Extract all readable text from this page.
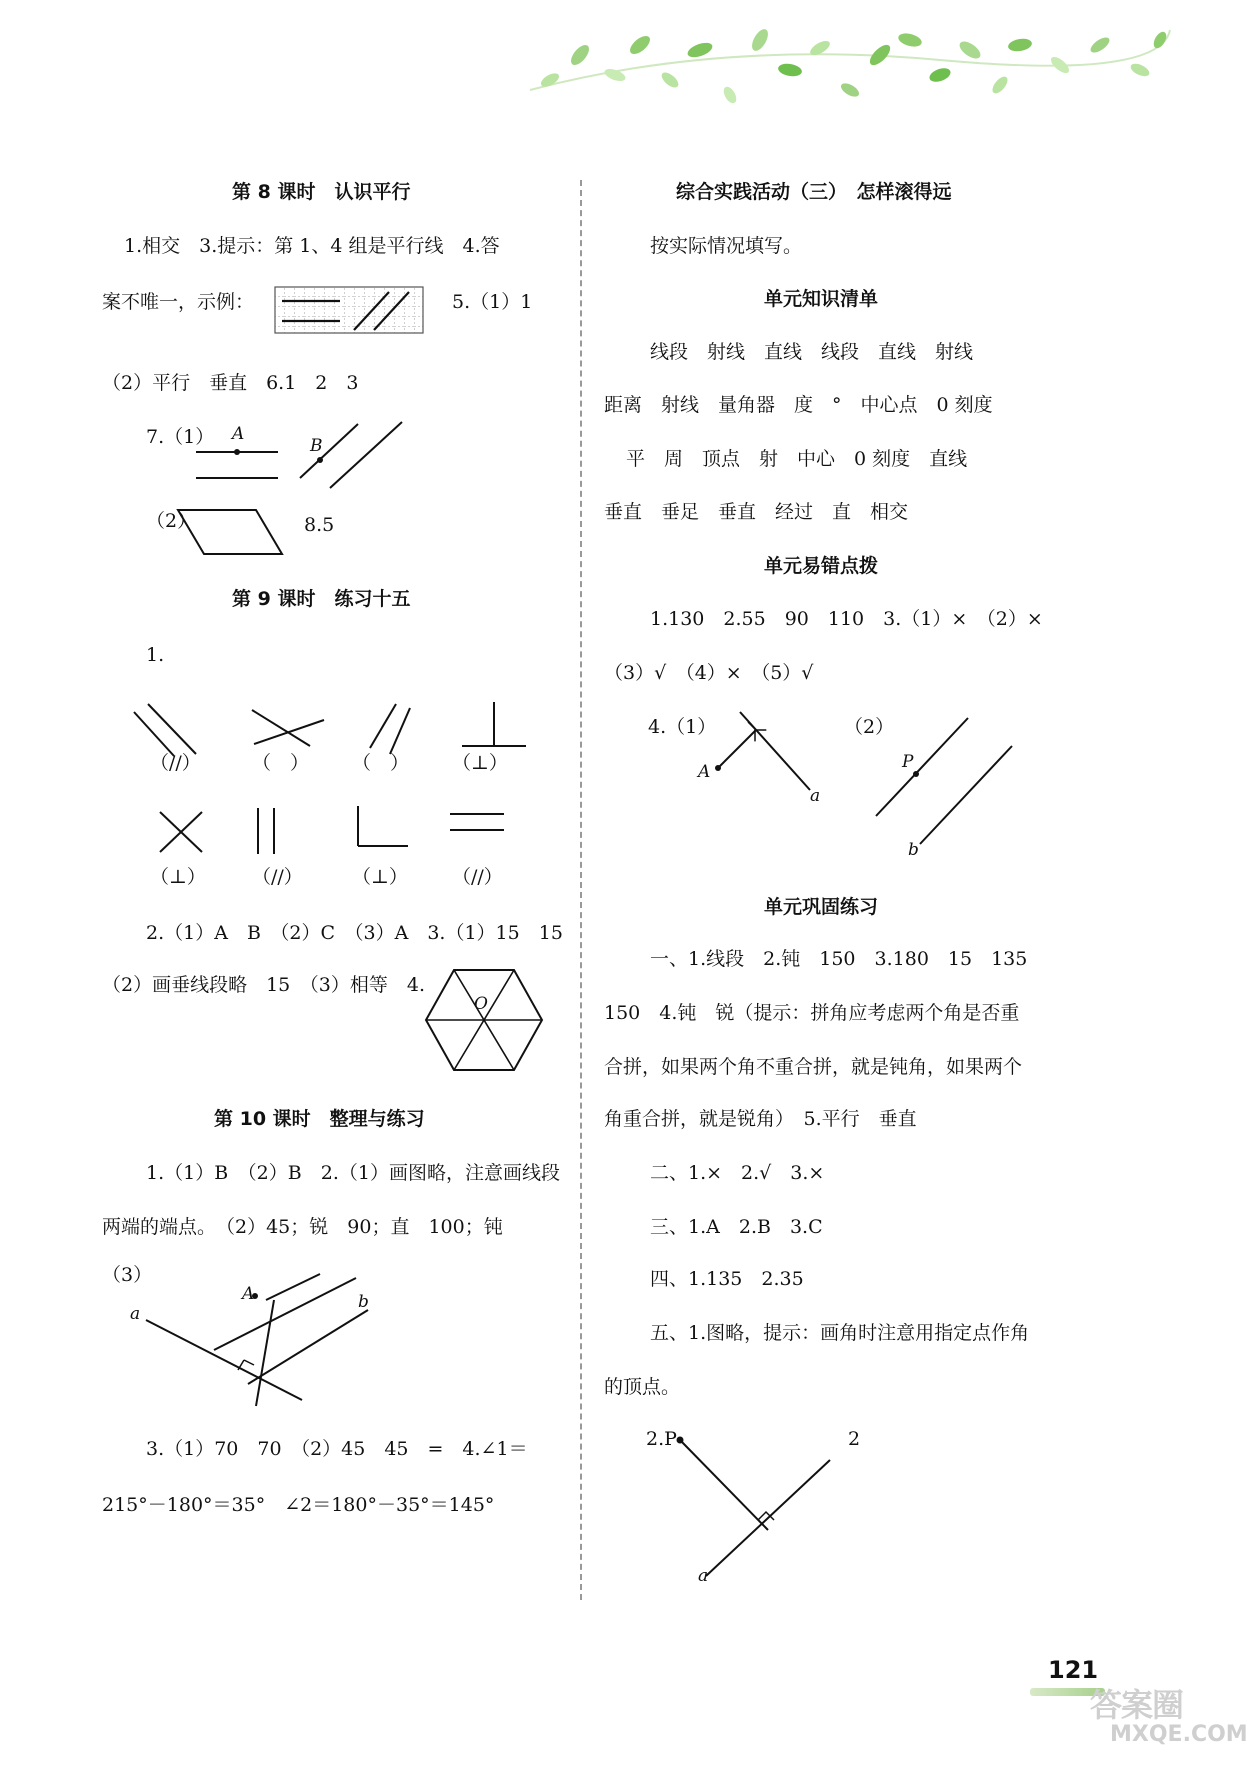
第 8 课时　认识平行
1.相交　3.提示：第 1、4 组是平行线　4.答
案不唯一，示例：	5.（1）1
（2）平行　垂直　6.1　2　3
7.（1） A
B
（2）	8.5
第 9 课时　练习十五
1.
（//）	（　） （　） （⊥）
（⊥） （//）	（⊥） （//）
2.（1）A　B　（2）C　（3）A　3.（1）15　15
（2）画垂线段略　15　（3）相等　4.
O
第 10 课时　整理与练习
1.（1）B　（2）B　2.（1）画图略，注意画线段
两端的端点。　（2）45；锐　90；直　100；钝
（3）
a
A	b
3.（1）70　70　（2）45　45　=　4.∠1＝
215°－180°＝35°　∠2＝180°－35°＝145°
综合实践活动（三）　怎样滚得远
按实际情况填写。
单元知识清单
线段　射线　直线　线段　直线　射线
距离　射线　量角器　度　°　中心点　0 刻度
平　周　顶点　射　中心　0 刻度　直线
垂直　垂足　垂直　经过　直　相交
单元易错点拨
1.130　2.55　90　110　3.（1）×　（2）×
（3）√　（4）×　（5）√
4.（1）	（2）
A
a
P
b
单元巩固练习
一、1.线段　2.钝　150　3.180　15　135
150　4.钝　锐（提示：拼角应考虑两个角是否重
合拼，如果两个角不重合拼，就是钝角，如果两个
角重合拼，就是锐角）　5.平行　垂直
二、1.×　2.√　3.×
三、1.A　2.B　3.C
四、1.135　2.35
五、1.图略，提示：画角时注意用指定点作角
的顶点。
2.P	2
a
121
答案圈
MXQE.COM
